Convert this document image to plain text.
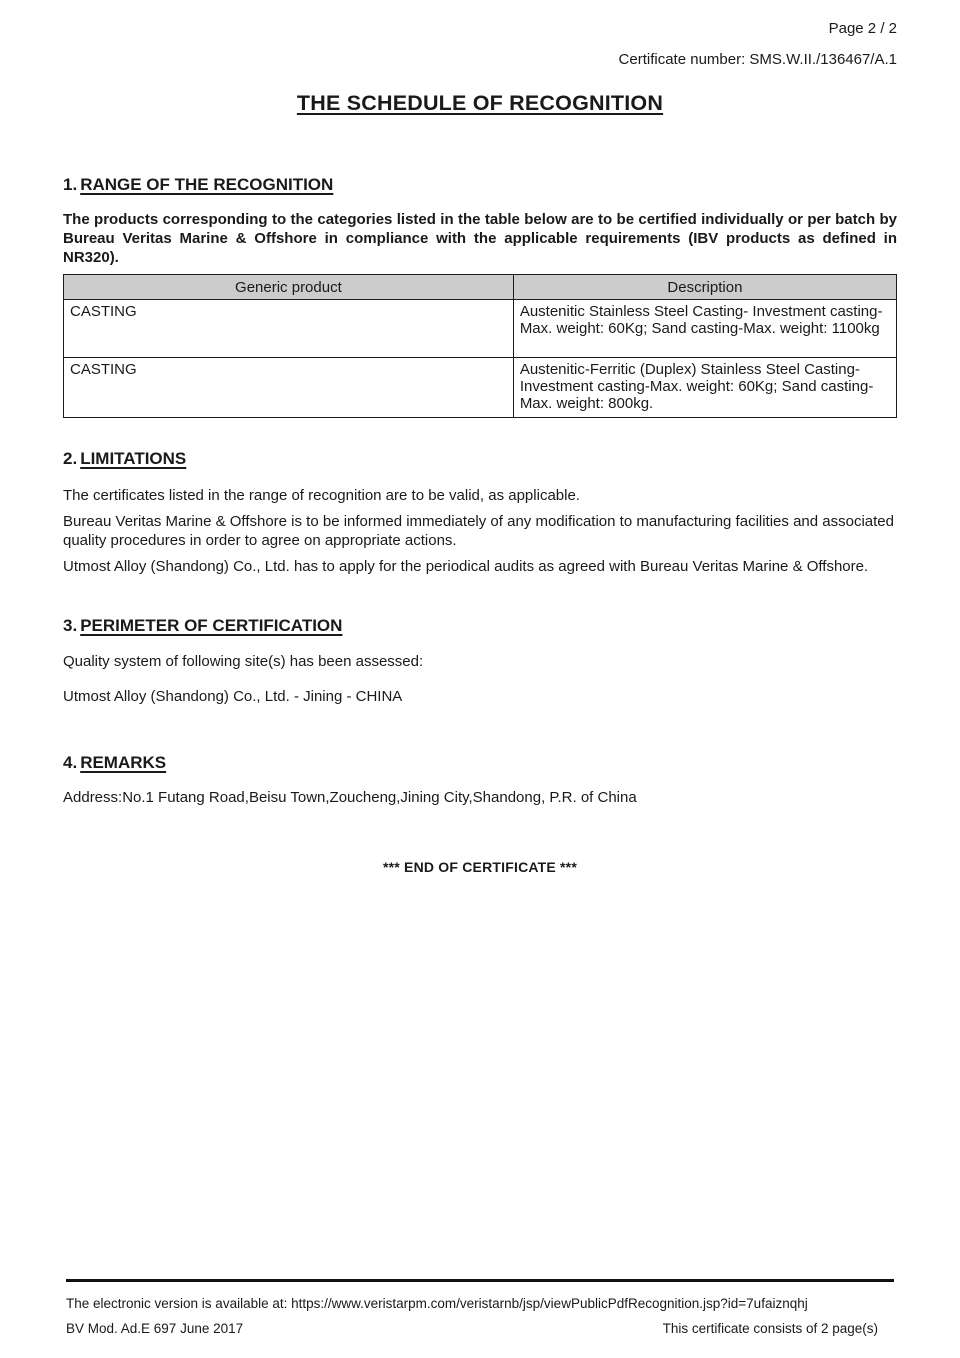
Page 2 / 2
Certificate number: SMS.W.II./136467/A.1
THE SCHEDULE OF RECOGNITION
1. RANGE OF THE RECOGNITION

The products corresponding to the categories listed in the table below are to be certified individually or per batch by Bureau Veritas Marine & Offshore in compliance with the applicable requirements (IBV products as defined in NR320).

Generic product	Description
CASTING	Austenitic Stainless Steel Casting- Investment casting-Max. weight: 60Kg; Sand casting-Max. weight: 1100kg
CASTING	Austenitic-Ferritic (Duplex) Stainless Steel Casting- Investment casting-Max. weight: 60Kg; Sand casting-Max. weight: 800kg.
2. LIMITATIONS

The certificates listed in the range of recognition are to be valid, as applicable.

Bureau Veritas Marine & Offshore is to be informed immediately of any modification to manufacturing facilities and associated quality procedures in order to agree on appropriate actions.

Utmost Alloy (Shandong) Co., Ltd. has to apply for the periodical audits as agreed with Bureau Veritas Marine & Offshore.

3. PERIMETER OF CERTIFICATION

Quality system of following site(s) has been assessed:

Utmost Alloy (Shandong) Co., Ltd. - Jining - CHINA

4. REMARKS

Address:No.1 Futang Road,Beisu Town,Zoucheng,Jining City,Shandong, P.R. of China

*** END OF CERTIFICATE ***
The electronic version is available at: https://www.veristarpm.com/veristarnb/jsp/viewPublicPdfRecognition.jsp?id=7ufaiznqhj
BV Mod. Ad.E 697 June 2017	This certificate consists of 2 page(s)
